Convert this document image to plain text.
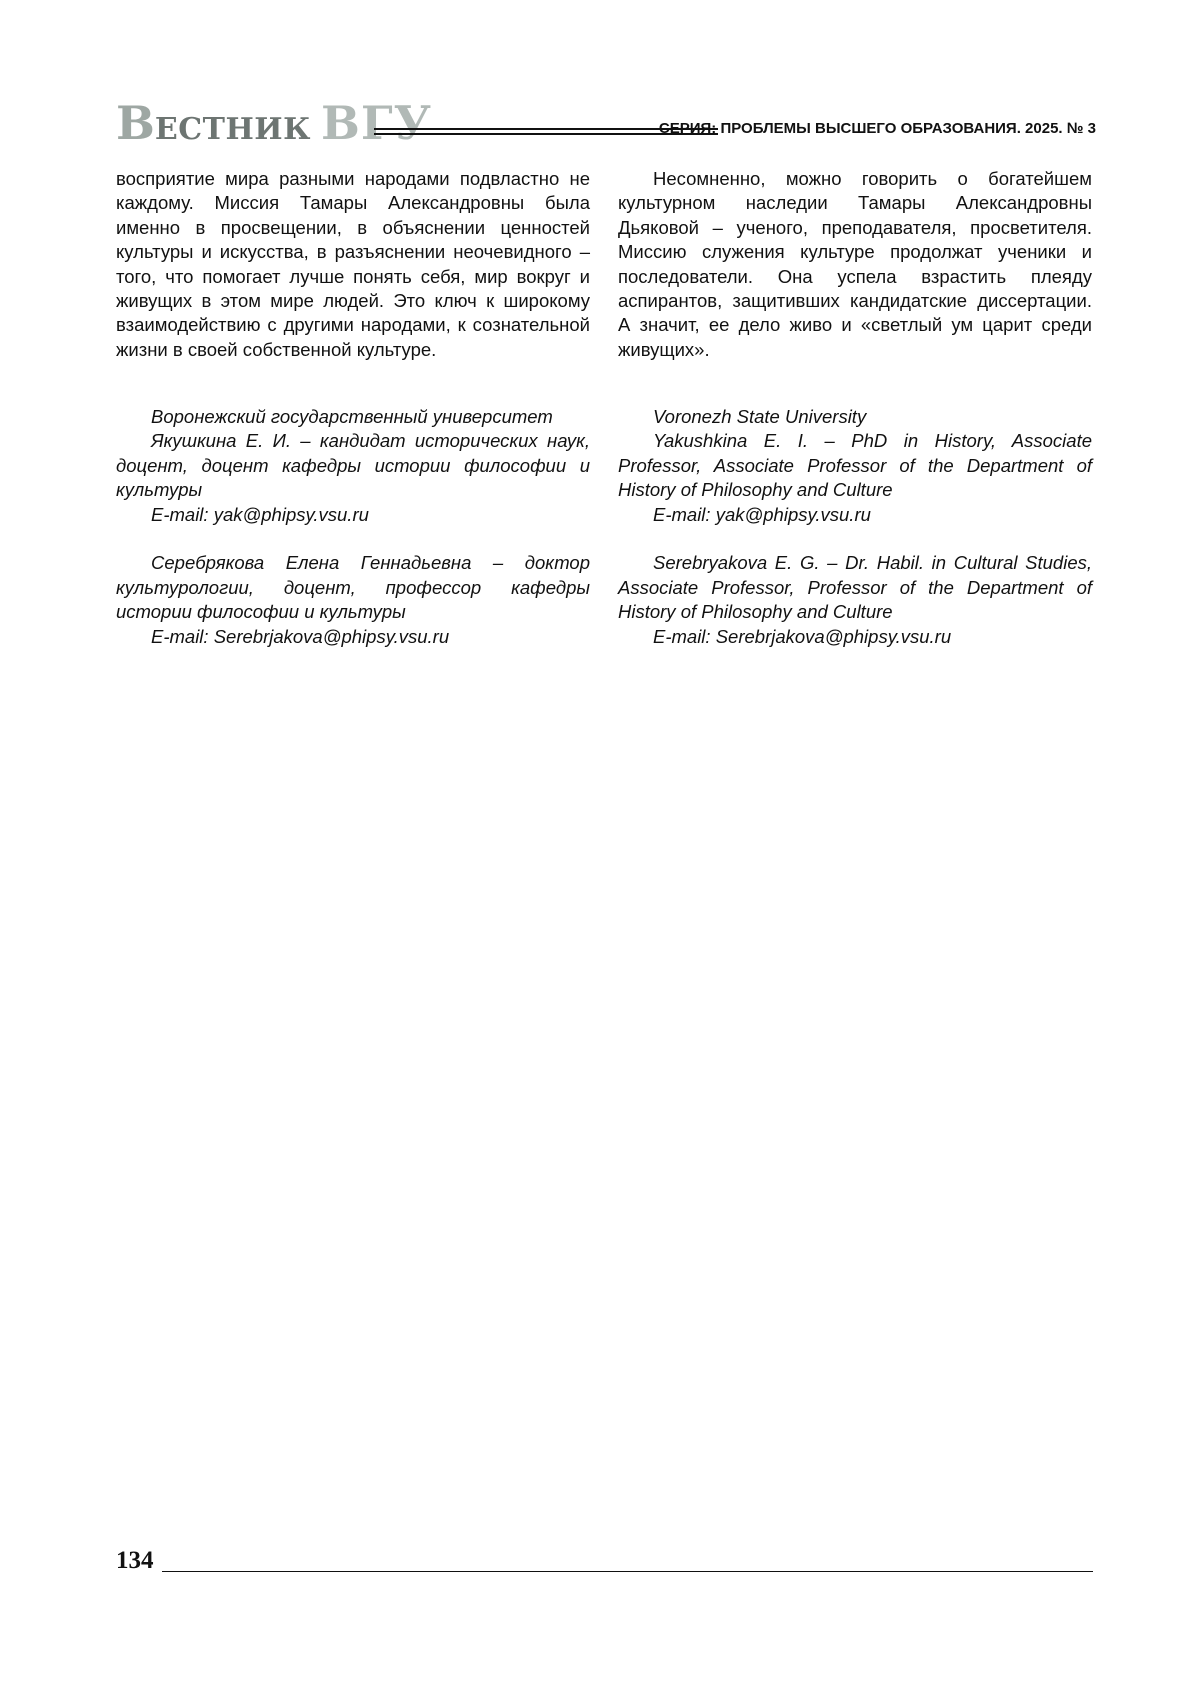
ВЕСТНИК ВГУ	СЕРИЯ: ПРОБЛЕМЫ ВЫСШЕГО ОБРАЗОВАНИЯ. 2025. № 3

восприятие мира разными народами подвластно не каждому. Миссия Тамары Александровны была именно в просвещении, в объяснении ценностей культуры и искусства, в разъяснении неочевидного – того, что помогает лучше понять себя, мир вокруг и живущих в этом мире людей. Это ключ к широкому взаимодействию с другими народами, к сознательной жизни в своей собственной культуре.

Несомненно, можно говорить о богатейшем культурном наследии Тамары Александровны Дьяковой – ученого, преподавателя, просветителя. Миссию служения культуре продолжат ученики и последователи. Она успела взрастить плеяду аспирантов, защитивших кандидатские диссертации. А значит, ее дело живо и «светлый ум царит среди живущих».

Воронежский государственный университет

Якушкина Е. И. – кандидат исторических наук, доцент, доцент кафедры истории философии и культуры

E-mail: yak@phipsy.vsu.ru

Серебрякова Елена Геннадьевна – доктор культурологии, доцент, профессор кафедры истории философии и культуры

E-mail: Serebrjakova@phipsy.vsu.ru

Voronezh State University

Yakushkina E. I. – PhD in History, Associate Professor, Associate Professor of the Department of History of Philosophy and Culture

E-mail: yak@phipsy.vsu.ru

Serebryakova E. G. – Dr. Habil. in Cultural Studies, Associate Professor, Professor of the Department of History of Philosophy and Culture

E-mail: Serebrjakova@phipsy.vsu.ru

134
